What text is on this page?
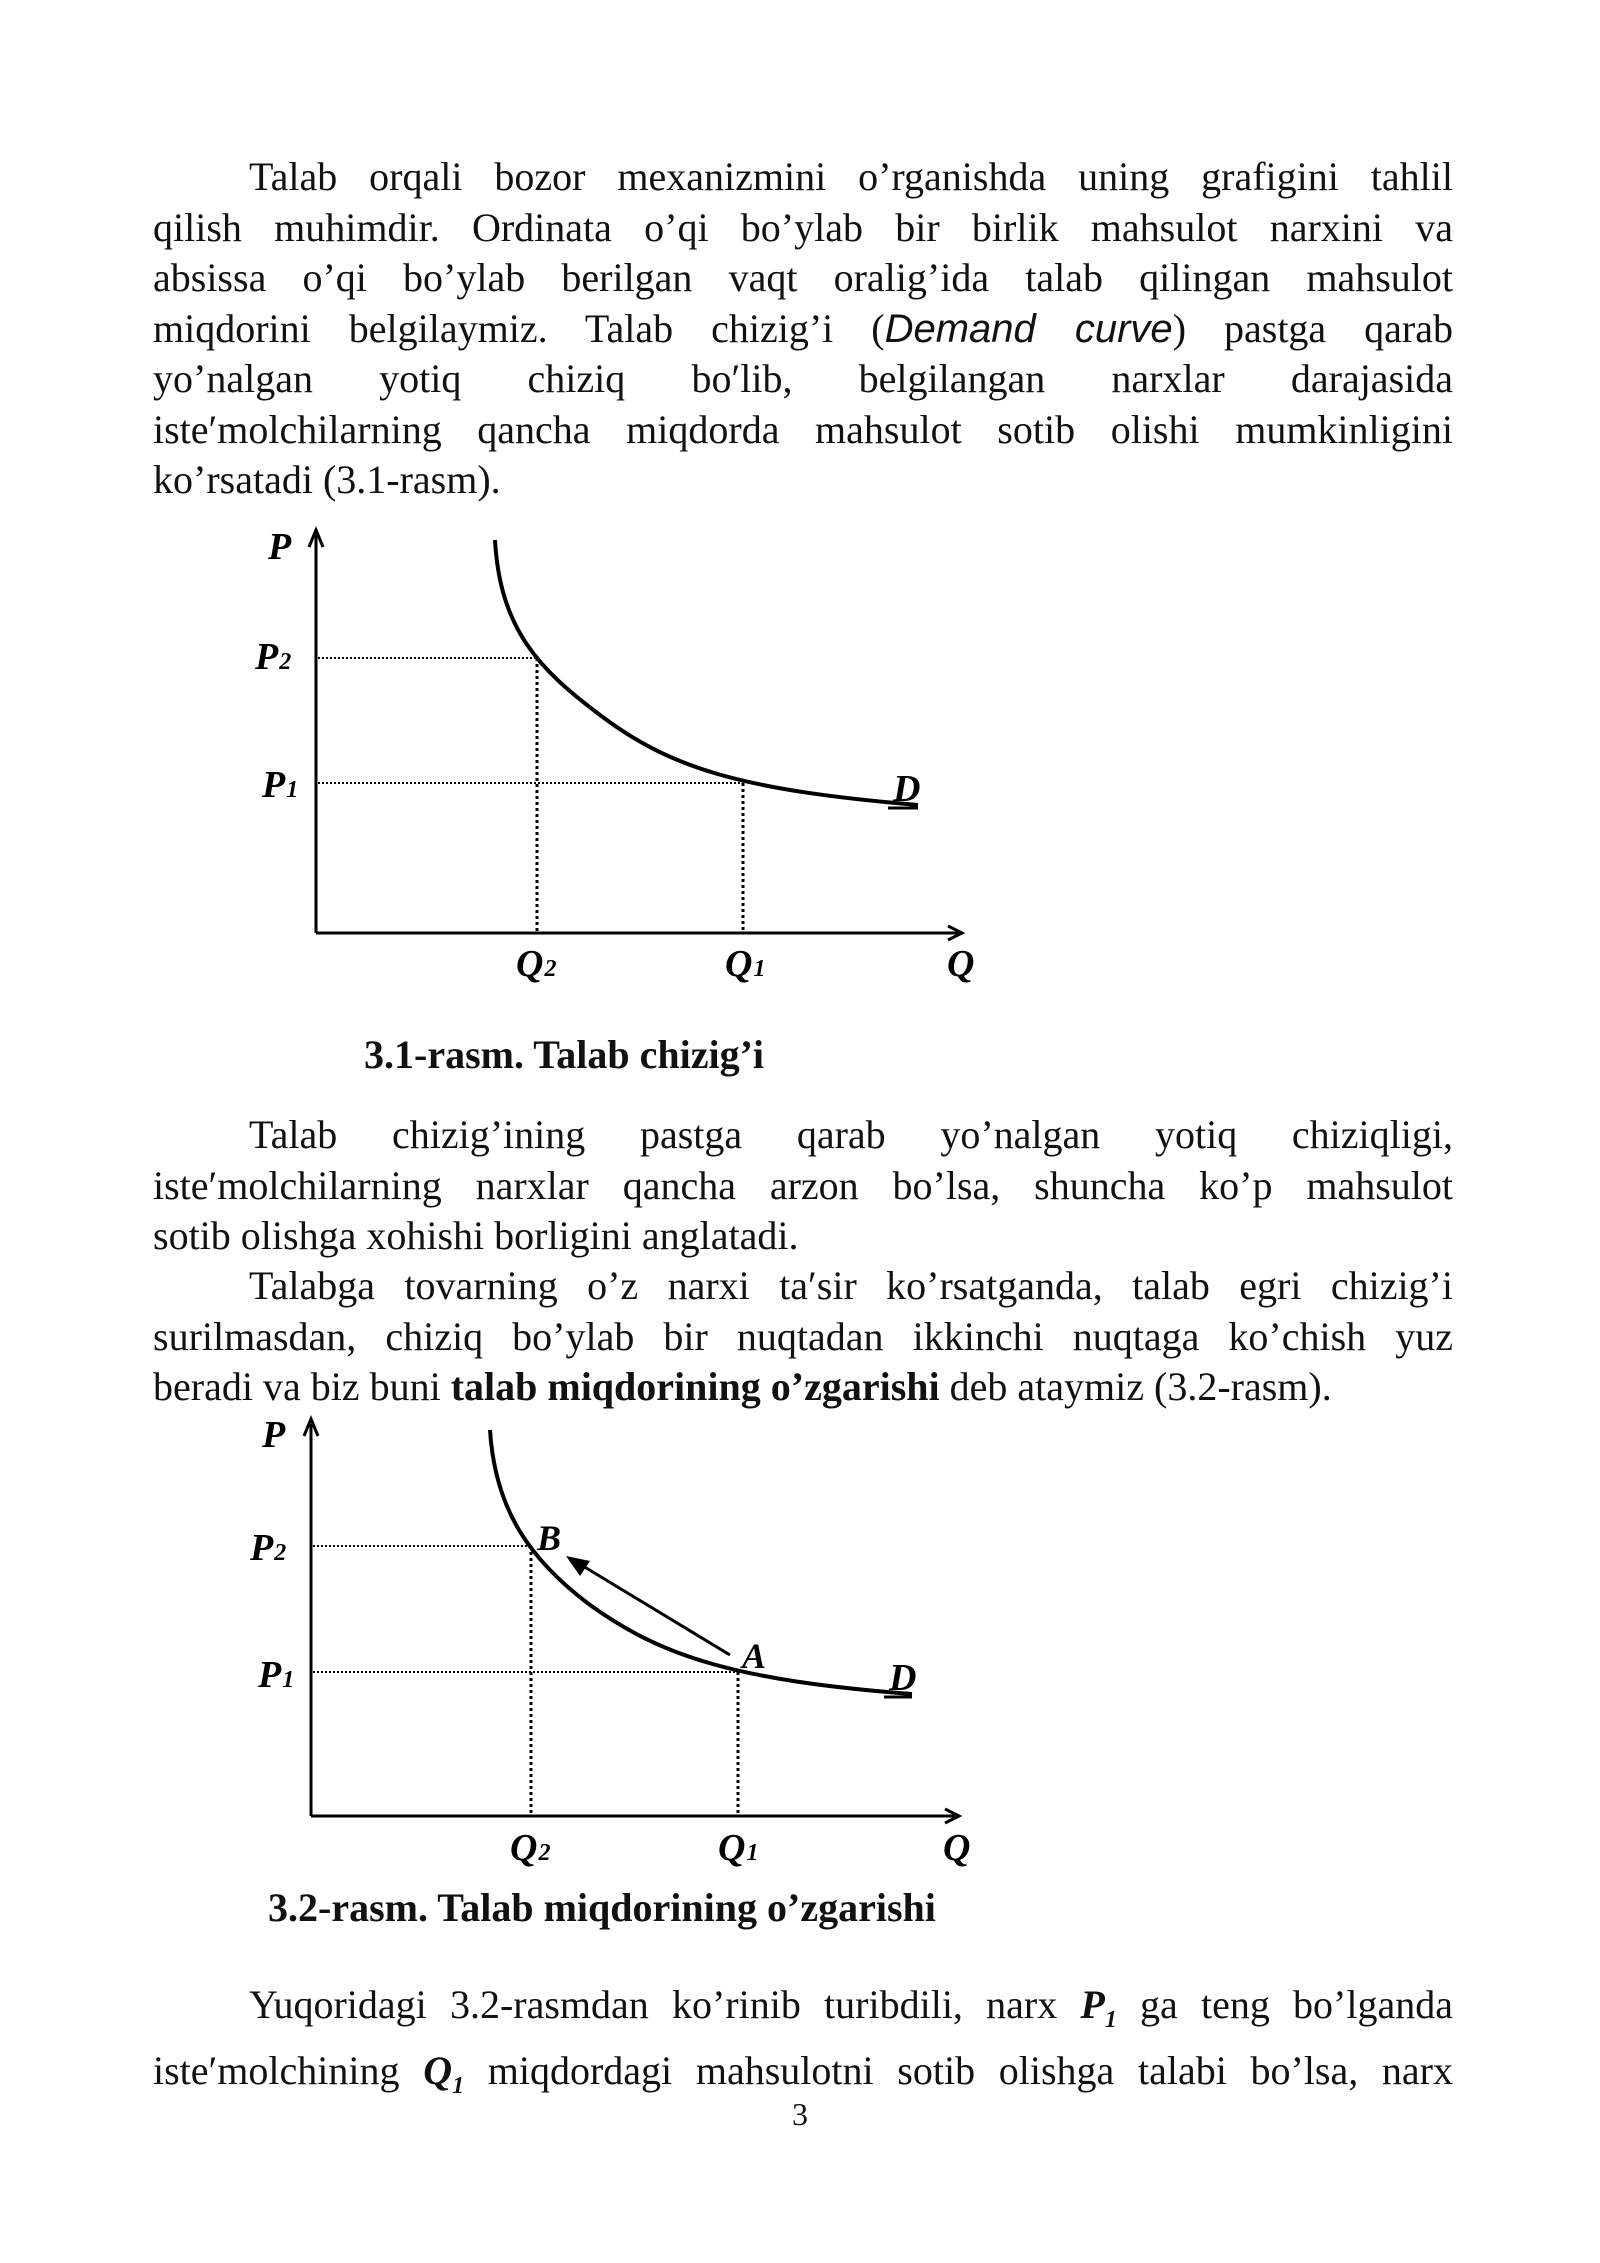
Talab orqali bozor mexanizmini o’rganishda uning grafigini tahlil
qilish muhimdir. Ordinata o’qi bo’ylab bir birlik mahsulot narxini va
absissa o’qi bo’ylab berilgan vaqt oralig’ida talab qilingan mahsulot
miqdorini belgilaymiz. Talab chizig’i (Demand curve) pastga qarab
yo’nalgan yotiq chiziq bo′lib, belgilangan narxlar darajasida
iste′molchilarning qancha miqdorda mahsulot sotib olishi mumkinligini
ko’rsatadi (3.1-rasm).
P
P2
P1	D
Q2	Q1	Q

3.1-rasm. Talab chizig’i

Talab chizig’ining pastga qarab yo’nalgan yotiq chiziqligi,
iste′molchilarning narxlar qancha arzon bo’lsa, shuncha ko’p mahsulot
sotib olishga xohishi borligini anglatadi.
Talabga tovarning o’z narxi ta′sir ko’rsatganda, talab egri chizig’i
surilmasdan, chiziq bo’ylab bir nuqtadan ikkinchi nuqtaga ko’chish yuz
beradi va biz buni talab miqdorining o’zgarishi deb ataymiz (3.2-rasm).
P
P2
P1
B
A
D
Q2	Q1	Q

3.2-rasm. Talab miqdorining o’zgarishi

Yuqoridagi 3.2-rasmdan ko’rinib turibdili, narx $P_1$ ga teng bo’lganda
iste′molchining $Q_1$ miqdordagi mahsulotni sotib olishga talabi bo’lsa, narx
3
